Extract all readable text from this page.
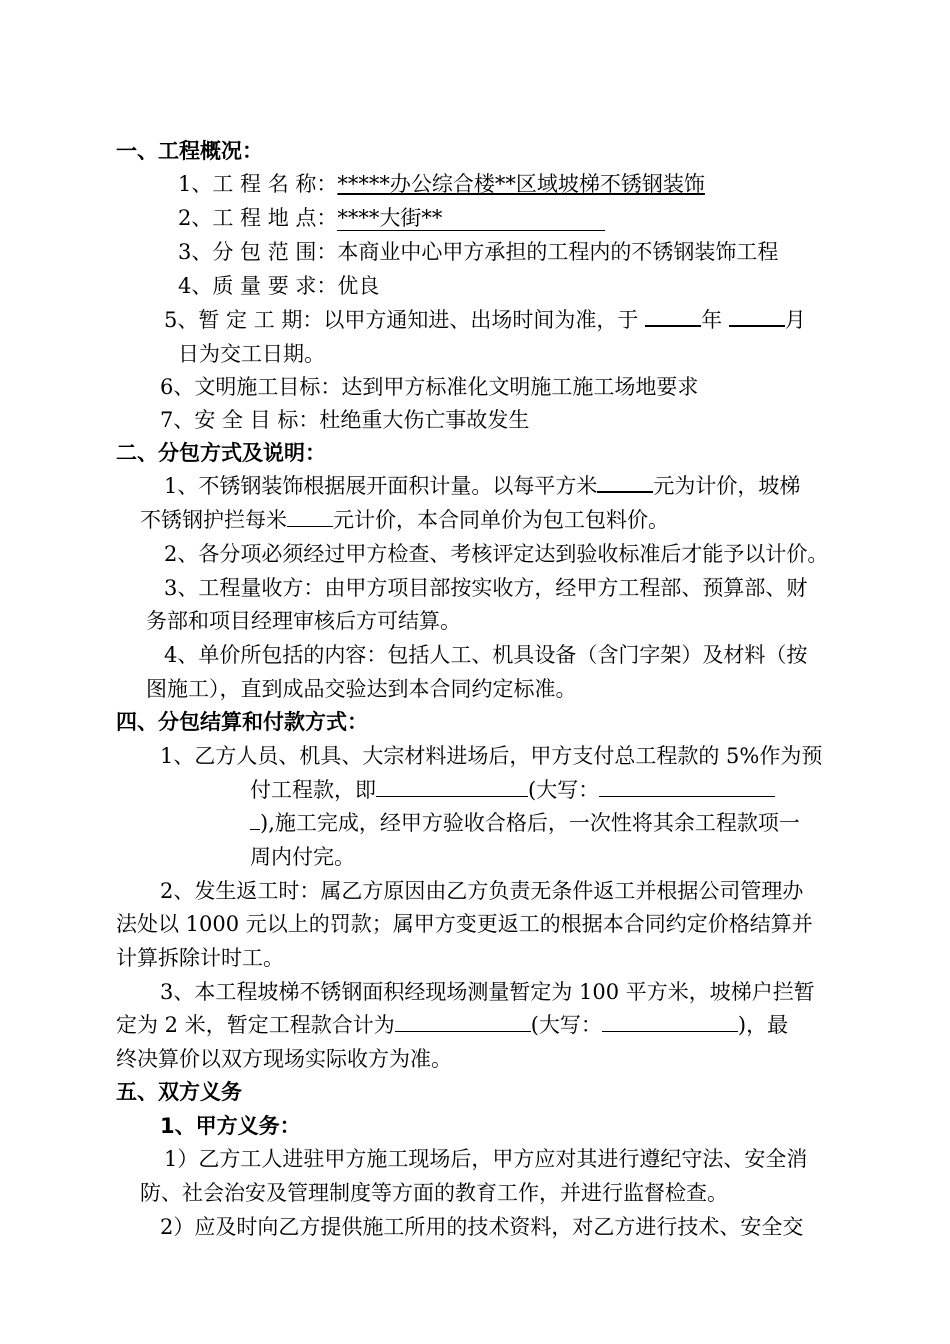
一、工程概况：
1、工 程 名 称：*****办公综合楼**区域坡梯不锈钢装饰
2、工 程 地 点：****大街**
3、分 包 范 围：本商业中心甲方承担的工程内的不锈钢装饰工程
4、质 量 要 求：优良
5、暂 定 工 期：以甲方通知进、出场时间为准，于	年	月
日为交工日期。
6、文明施工目标：达到甲方标准化文明施工施工场地要求
7、安 全 目 标：杜绝重大伤亡事故发生
二、分包方式及说明：
1、不锈钢装饰根据展开面积计量。以每平方米	元为计价，坡梯
不锈钢护拦每米 元计价，本合同单价为包工包料价。
2、各分项必须经过甲方检查、考核评定达到验收标准后才能予以计价。
3、工程量收方：由甲方项目部按实收方，经甲方工程部、预算部、财
务部和项目经理审核后方可结算。
4、单价所包括的内容：包括人工、机具设备（含门字架）及材料（按
图施工），直到成品交验达到本合同约定标准。
四、分包结算和付款方式：
1、乙方人员、机具、大宗材料进场后，甲方支付总工程款的 5%作为预
付工程款，即	(大写：
),施工完成，经甲方验收合格后，一次性将其余工程款项一
周内付完。
2、发生返工时：属乙方原因由乙方负责无条件返工并根据公司管理办
法处以 1000 元以上的罚款；属甲方变更返工的根据本合同约定价格结算并
计算拆除计时工。
3、本工程坡梯不锈钢面积经现场测量暂定为 100 平方米，坡梯户拦暂
定为 2 米，暂定工程款合计为	(大写：	)，最
终决算价以双方现场实际收方为准。
五、双方义务
1、甲方义务：
1）乙方工人进驻甲方施工现场后，甲方应对其进行遵纪守法、安全消
防、社会治安及管理制度等方面的教育工作，并进行监督检查。
2）应及时向乙方提供施工所用的技术资料，对乙方进行技术、安全交
